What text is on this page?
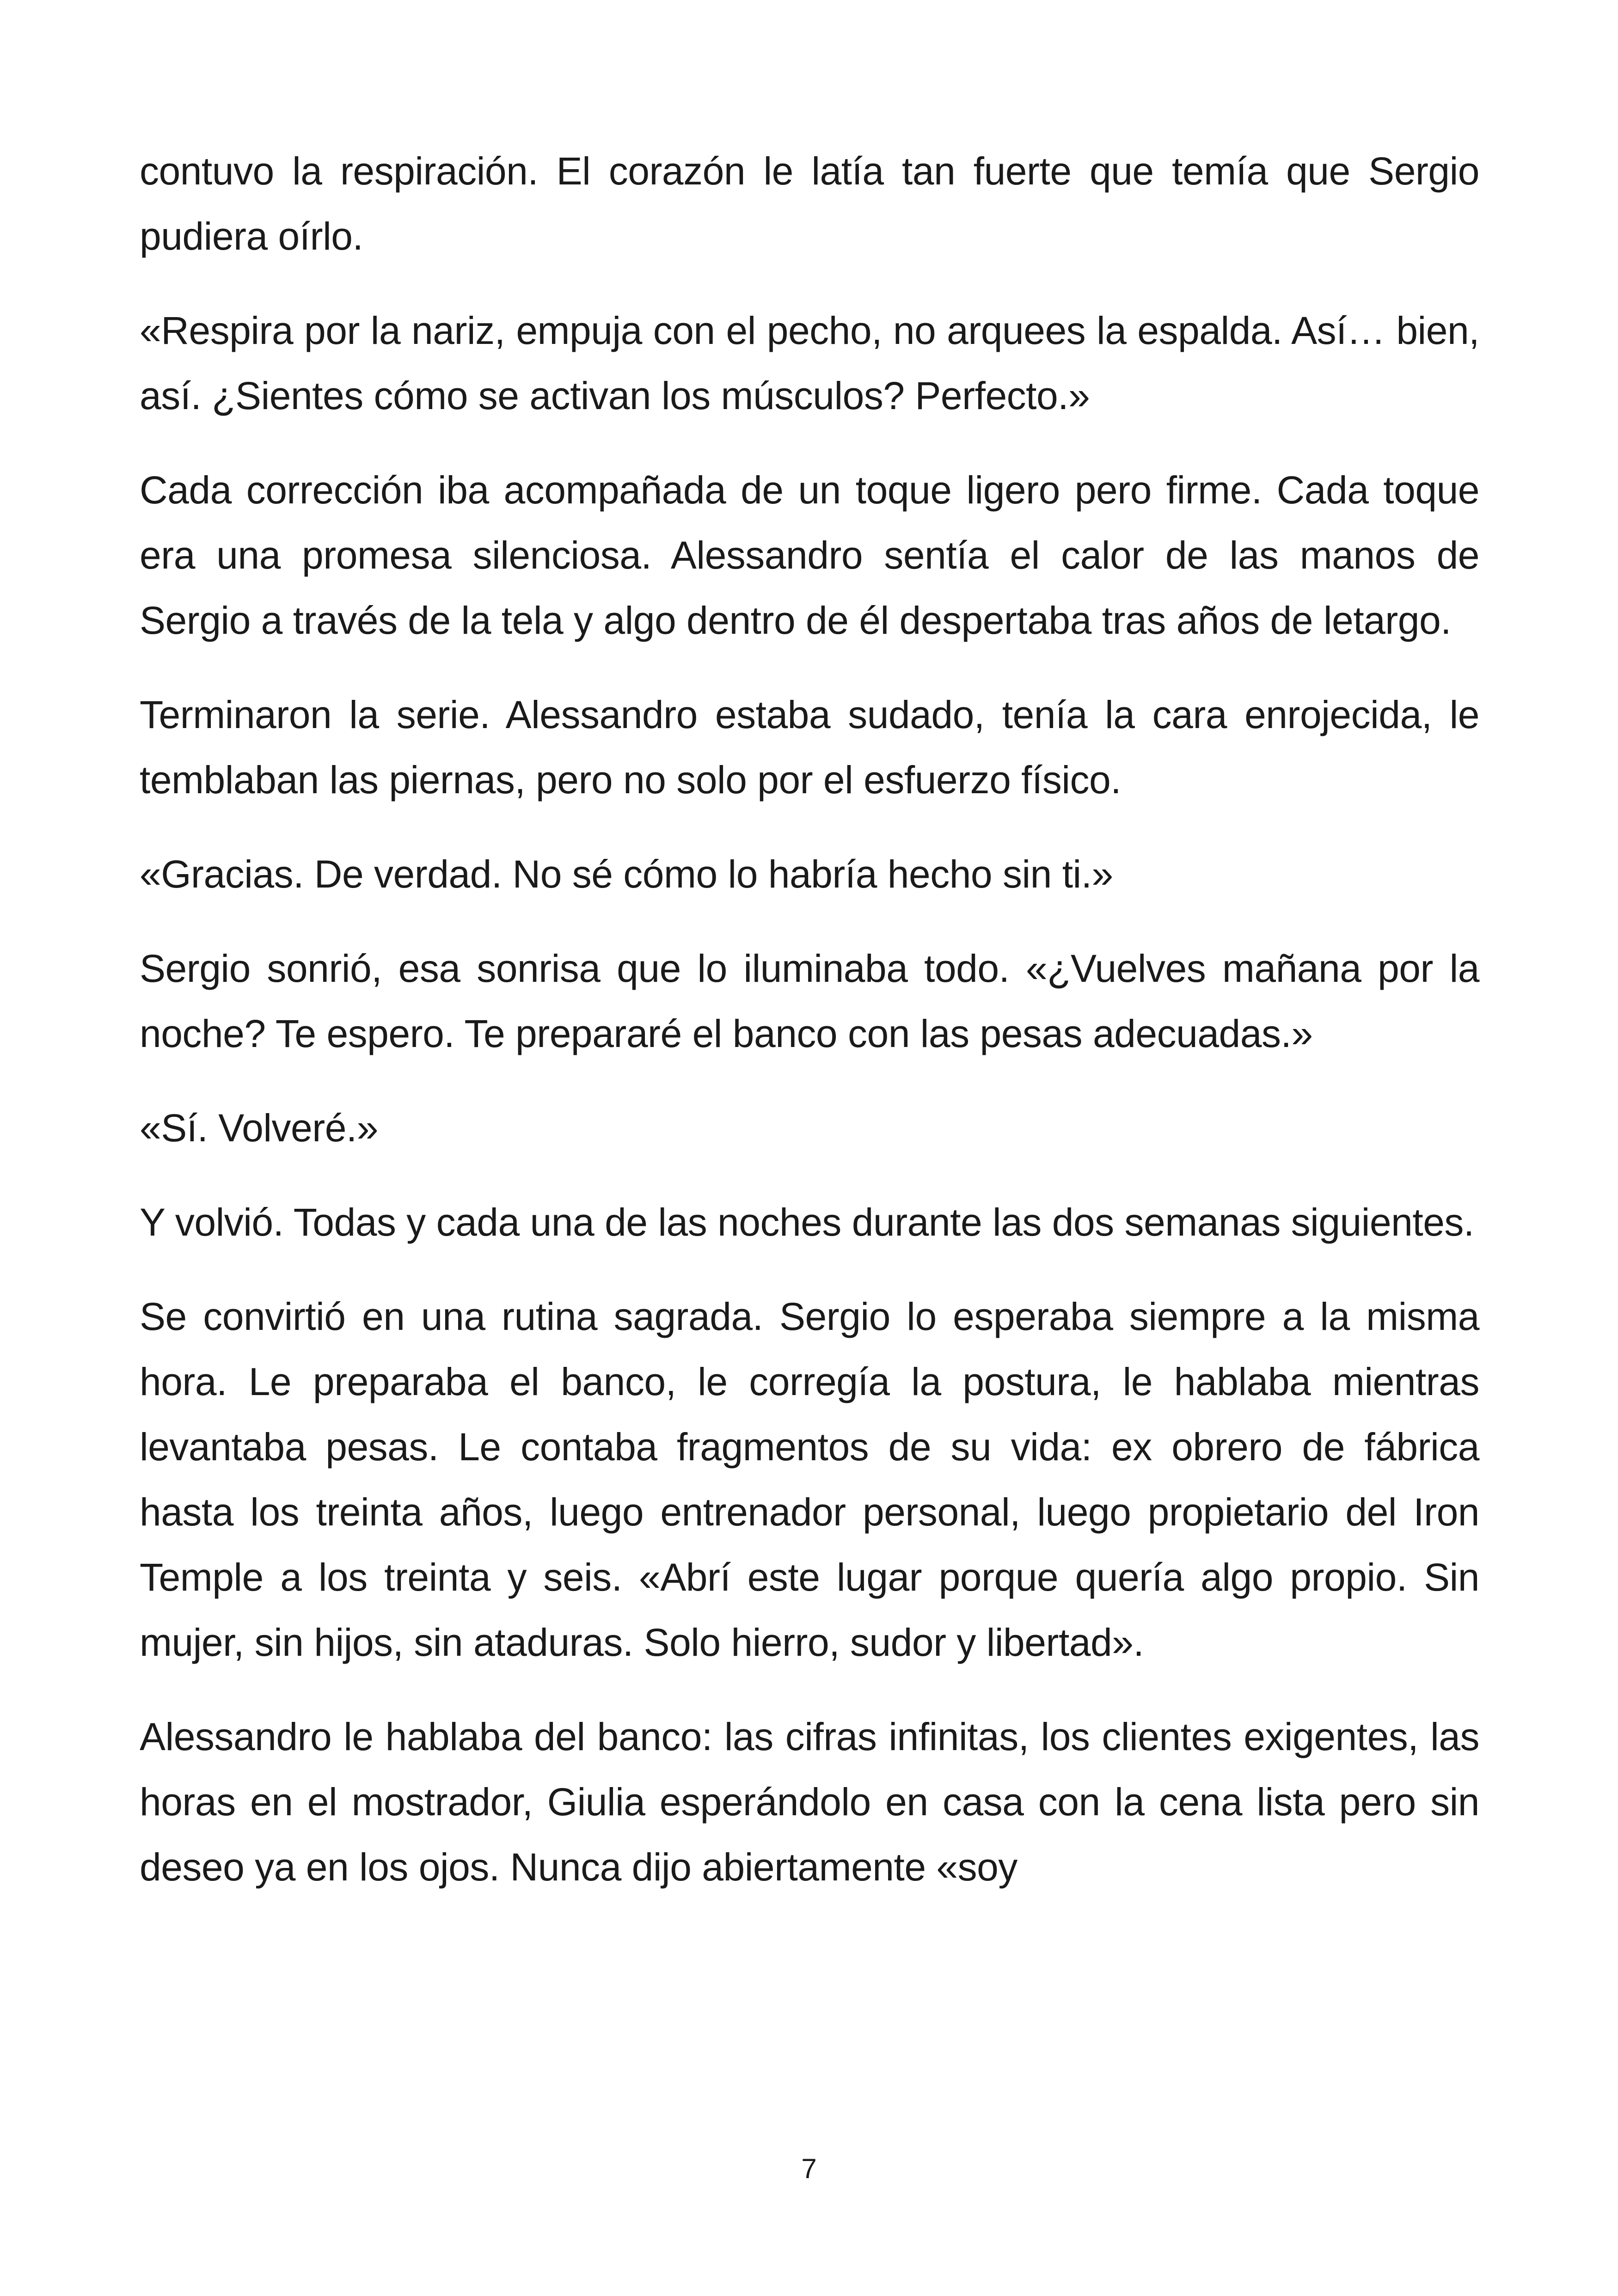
contuvo la respiración. El corazón le latía tan fuerte que temía que Sergio pudiera oírlo.

«Respira por la nariz, empuja con el pecho, no arquees la espalda. Así… bien, así. ¿Sientes cómo se activan los músculos? Perfecto.»

Cada corrección iba acompañada de un toque ligero pero firme. Cada toque era una promesa silenciosa. Alessandro sentía el calor de las manos de Sergio a través de la tela y algo dentro de él despertaba tras años de letargo.

Terminaron la serie. Alessandro estaba sudado, tenía la cara enrojecida, le temblaban las piernas, pero no solo por el esfuerzo físico.

«Gracias. De verdad. No sé cómo lo habría hecho sin ti.»

Sergio sonrió, esa sonrisa que lo iluminaba todo. «¿Vuelves mañana por la noche? Te espero. Te prepararé el banco con las pesas adecuadas.»

«Sí. Volveré.»

Y volvió. Todas y cada una de las noches durante las dos semanas siguientes.

Se convirtió en una rutina sagrada. Sergio lo esperaba siempre a la misma hora. Le preparaba el banco, le corregía la postura, le hablaba mientras levantaba pesas. Le contaba fragmentos de su vida: ex obrero de fábrica hasta los treinta años, luego entrenador personal, luego propietario del Iron Temple a los treinta y seis. «Abrí este lugar porque quería algo propio. Sin mujer, sin hijos, sin ataduras. Solo hierro, sudor y libertad».

Alessandro le hablaba del banco: las cifras infinitas, los clientes exigentes, las horas en el mostrador, Giulia esperándolo en casa con la cena lista pero sin deseo ya en los ojos. Nunca dijo abiertamente «soy

7
